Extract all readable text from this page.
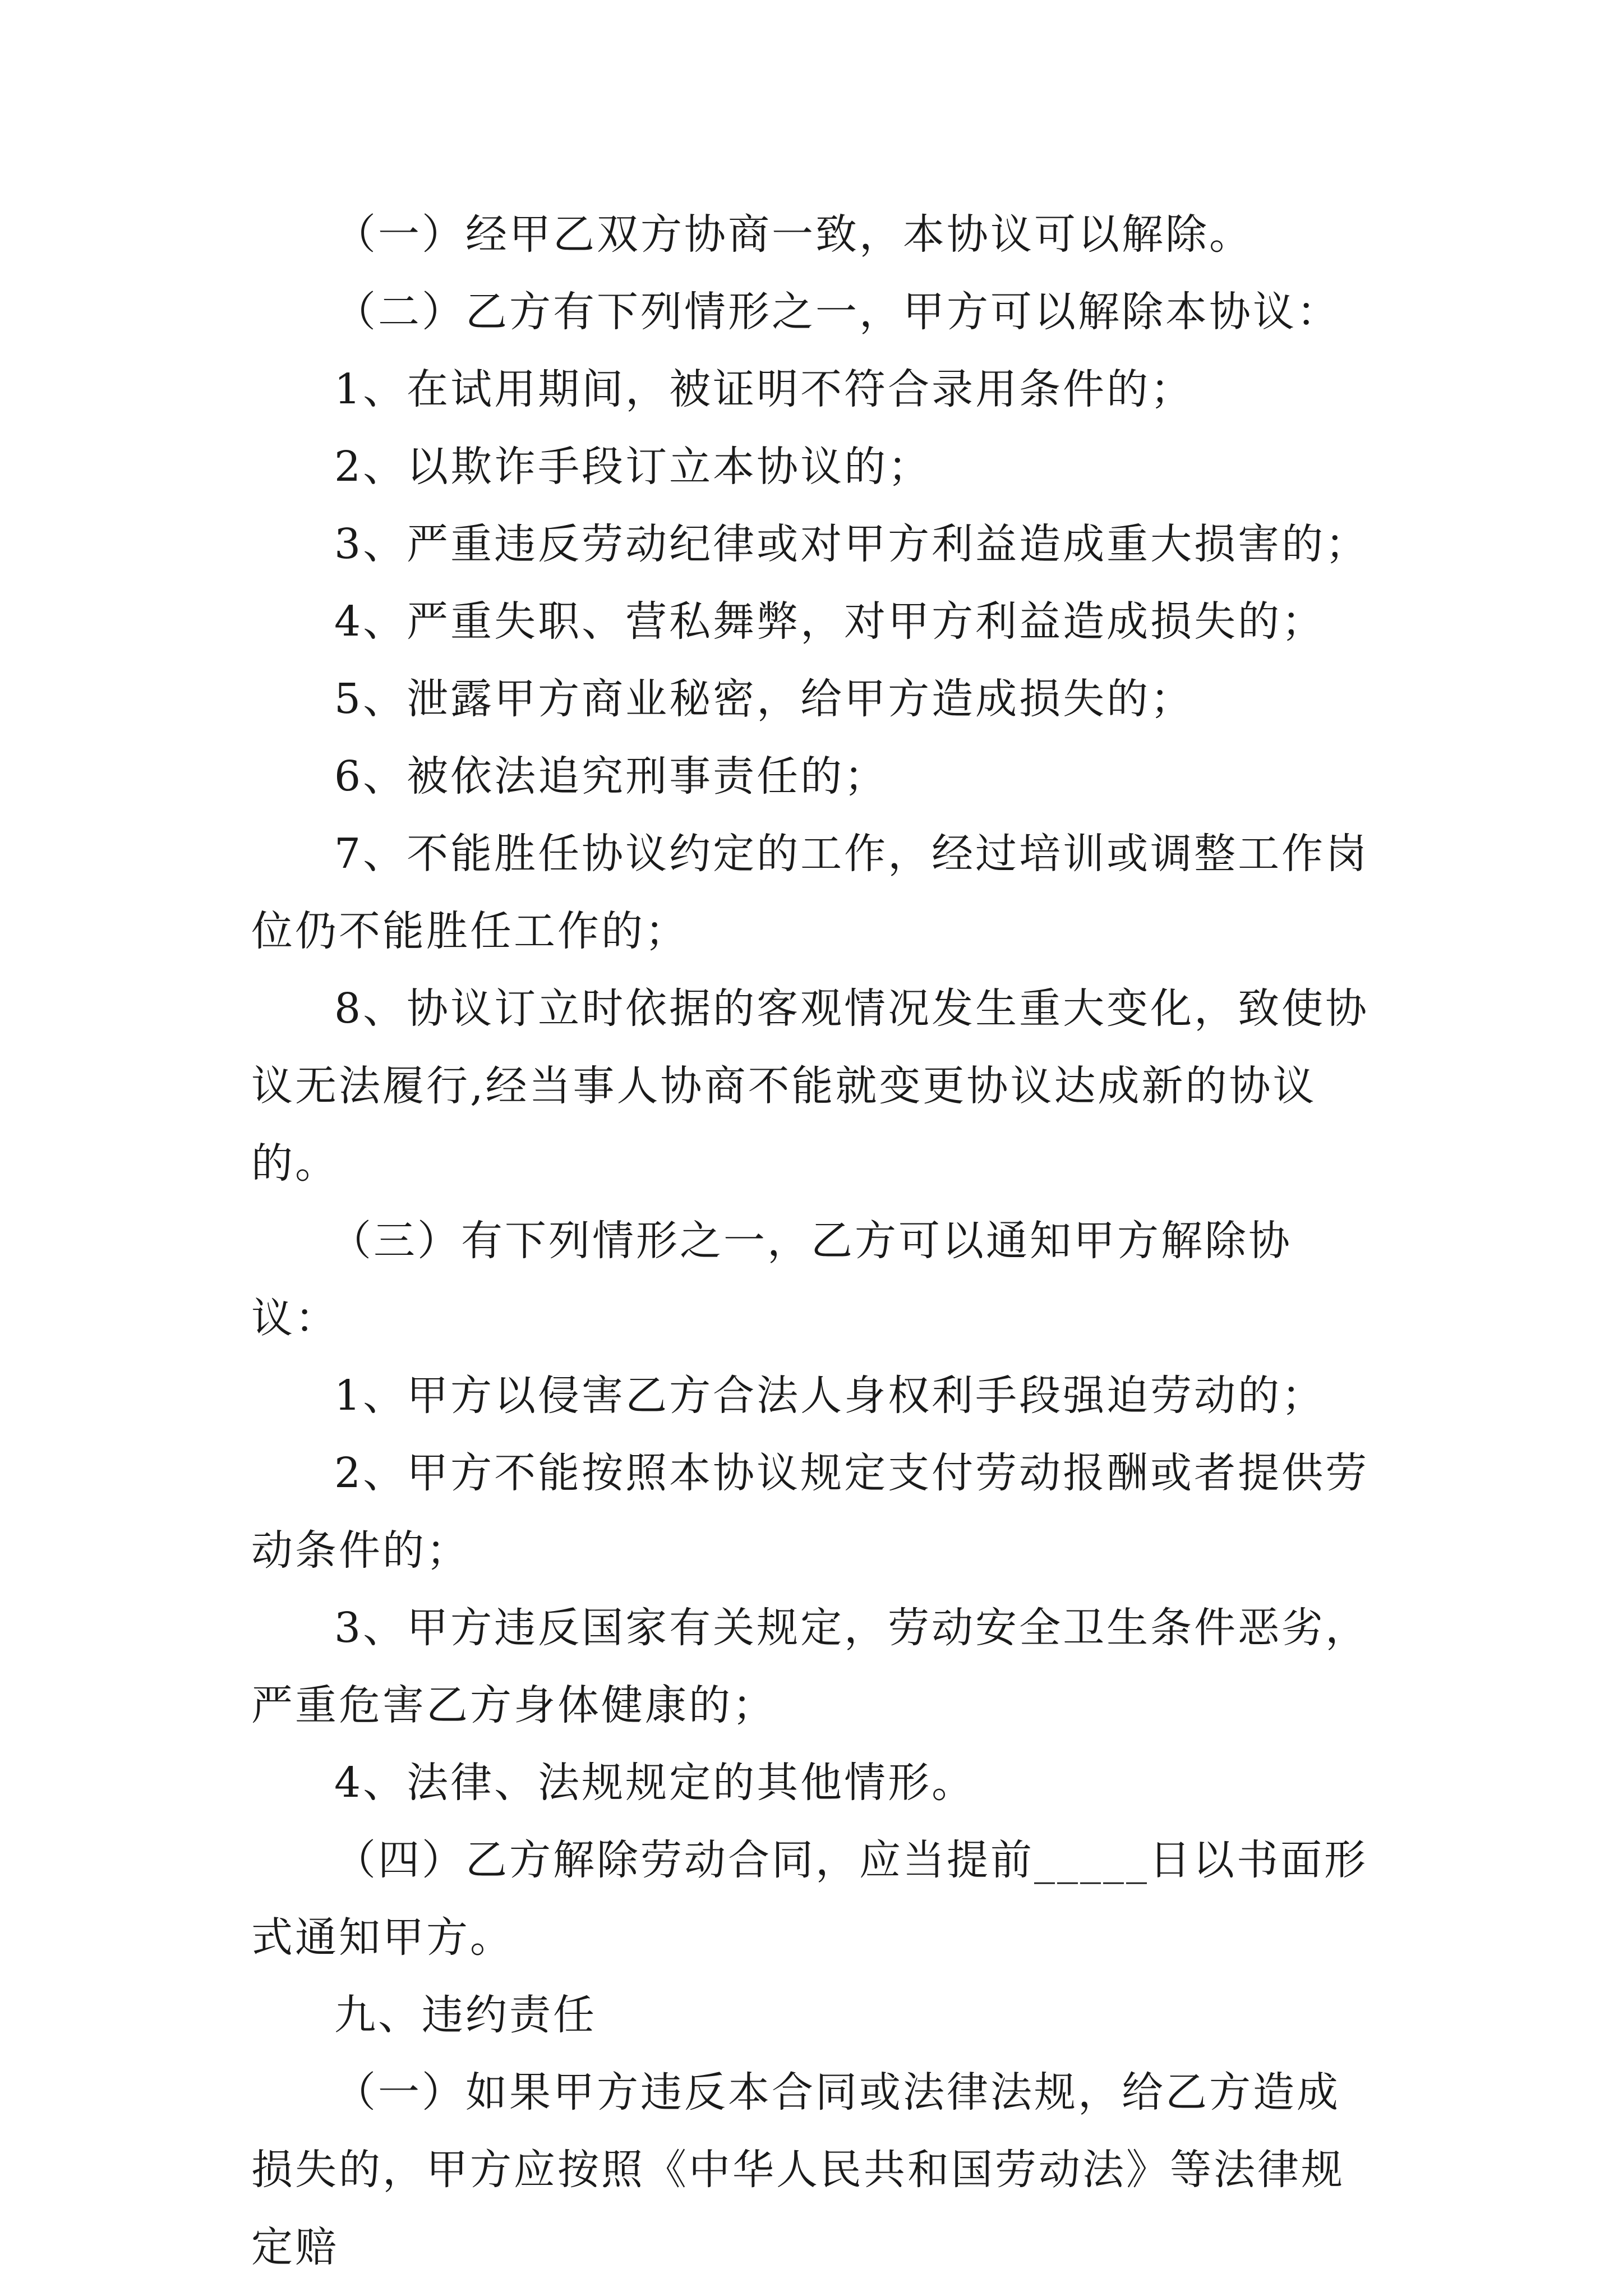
（一）经甲乙双方协商一致，本协议可以解除。

（二）乙方有下列情形之一，甲方可以解除本协议：

1、在试用期间，被证明不符合录用条件的；

2、以欺诈手段订立本协议的；

3、严重违反劳动纪律或对甲方利益造成重大损害的；

4、严重失职、营私舞弊，对甲方利益造成损失的；

5、泄露甲方商业秘密，给甲方造成损失的；

6、被依法追究刑事责任的；

7、不能胜任协议约定的工作，经过培训或调整工作岗位仍不能胜任工作的；

8、协议订立时依据的客观情况发生重大变化，致使协议无法履行,经当事人协商不能就变更协议达成新的协议的。

（三）有下列情形之一，乙方可以通知甲方解除协议：

1、甲方以侵害乙方合法人身权利手段强迫劳动的；

2、甲方不能按照本协议规定支付劳动报酬或者提供劳动条件的；

3、甲方违反国家有关规定，劳动安全卫生条件恶劣，严重危害乙方身体健康的；

4、法律、法规规定的其他情形。

（四）乙方解除劳动合同，应当提前_____日以书面形式通知甲方。

九、违约责任

（一）如果甲方违反本合同或法律法规，给乙方造成损失的，甲方应按照《中华人民共和国劳动法》等法律规定赔
